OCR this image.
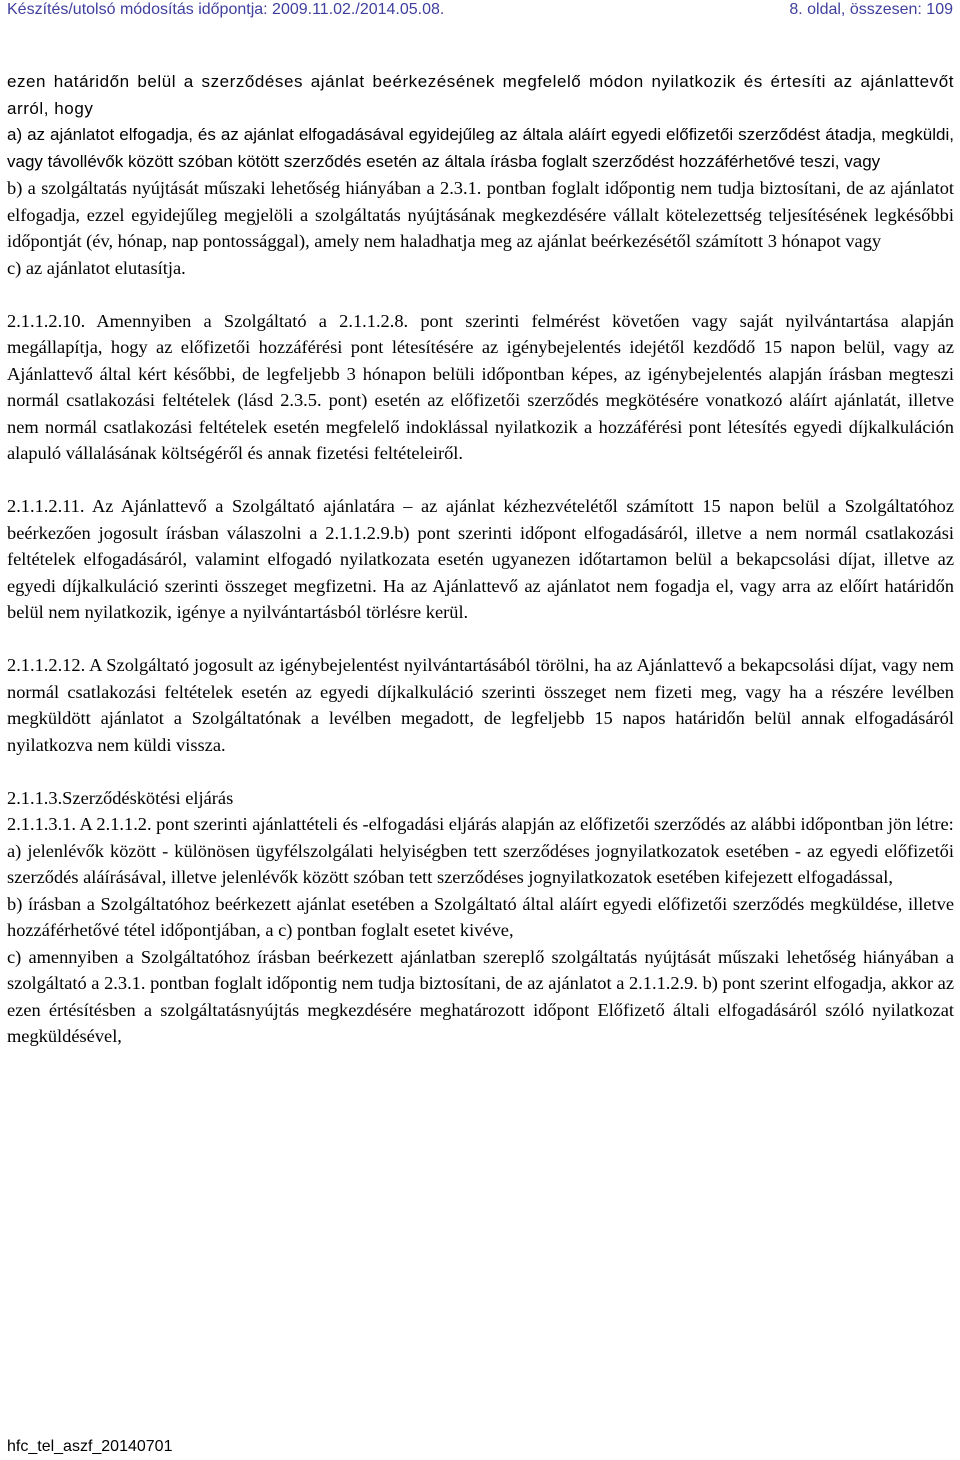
Készítés/utolsó módosítás időpontja: 2009.11.02./2014.05.08.	8. oldal, összesen: 109

ezen határidőn belül a szerződéses ajánlat beérkezésének megfelelő módon nyilatkozik és értesíti az ajánlattevőt arról, hogy

a) az ajánlatot elfogadja, és az ajánlat elfogadásával egyidejűleg az általa aláírt egyedi előfizetői szerződést átadja, megküldi, vagy távollévők között szóban kötött szerződés esetén az általa írásba foglalt szerződést hozzáférhetővé teszi, vagy

b) a szolgáltatás nyújtását műszaki lehetőség hiányában a 2.3.1. pontban foglalt időpontig nem tudja biztosítani, de az ajánlatot elfogadja, ezzel egyidejűleg megjelöli a szolgáltatás nyújtásának megkezdésére vállalt kötelezettség teljesítésének legkésőbbi időpontját (év, hónap, nap pontossággal), amely nem haladhatja meg az ajánlat beérkezésétől számított 3 hónapot vagy

c) az ajánlatot elutasítja.

2.1.1.2.10. Amennyiben a Szolgáltató a 2.1.1.2.8. pont szerinti felmérést követően vagy saját nyilvántartása alapján megállapítja, hogy az előfizetői hozzáférési pont létesítésére az igénybejelentés idejétől kezdődő 15 napon belül, vagy az Ajánlattevő által kért későbbi, de legfeljebb 3 hónapon belüli időpontban képes, az igénybejelentés alapján írásban megteszi normál csatlakozási feltételek (lásd 2.3.5. pont) esetén az előfizetői szerződés megkötésére vonatkozó aláírt ajánlatát, illetve nem normál csatlakozási feltételek esetén megfelelő indoklással nyilatkozik a hozzáférési pont létesítés egyedi díjkalkuláción alapuló vállalásának költségéről és annak fizetési feltételeiről.

2.1.1.2.11. Az Ajánlattevő a Szolgáltató ajánlatára – az ajánlat kézhezvételétől számított 15 napon belül a Szolgáltatóhoz beérkezően jogosult írásban válaszolni a 2.1.1.2.9.b) pont szerinti időpont elfogadásáról, illetve a nem normál csatlakozási feltételek elfogadásáról, valamint elfogadó nyilatkozata esetén ugyanezen időtartamon belül a bekapcsolási díjat, illetve az egyedi díjkalkuláció szerinti összeget megfizetni. Ha az Ajánlattevő az ajánlatot nem fogadja el, vagy arra az előírt határidőn belül nem nyilatkozik, igénye a nyilvántartásból törlésre kerül.

2.1.1.2.12. A Szolgáltató jogosult az igénybejelentést nyilvántartásából törölni, ha az Ajánlattevő a bekapcsolási díjat, vagy nem normál csatlakozási feltételek esetén az egyedi díjkalkuláció szerinti összeget nem fizeti meg, vagy ha a részére levélben megküldött ajánlatot a Szolgáltatónak a levélben megadott, de legfeljebb 15 napos határidőn belül annak elfogadásáról nyilatkozva nem küldi vissza.

2.1.1.3.Szerződéskötési eljárás

2.1.1.3.1. A 2.1.1.2. pont szerinti ajánlattételi és -elfogadási eljárás alapján az előfizetői szerződés az alábbi időpontban jön létre:

a) jelenlévők között - különösen ügyfélszolgálati helyiségben tett szerződéses jognyilatkozatok esetében - az egyedi előfizetői szerződés aláírásával, illetve jelenlévők között szóban tett szerződéses jognyilatkozatok esetében kifejezett elfogadással,

b) írásban a Szolgáltatóhoz beérkezett ajánlat esetében a Szolgáltató által aláírt egyedi előfizetői szerződés megküldése, illetve hozzáférhetővé tétel időpontjában, a c) pontban foglalt esetet kivéve,

c) amennyiben a Szolgáltatóhoz írásban beérkezett ajánlatban szereplő szolgáltatás nyújtását műszaki lehetőség hiányában a szolgáltató a 2.3.1. pontban foglalt időpontig nem tudja biztosítani, de az ajánlatot a 2.1.1.2.9. b) pont szerint elfogadja, akkor az ezen értésítésben a szolgáltatásnyújtás megkezdésére meghatározott időpont Előfizető általi elfogadásáról szóló nyilatkozat megküldésével,

hfc_tel_aszf_20140701
